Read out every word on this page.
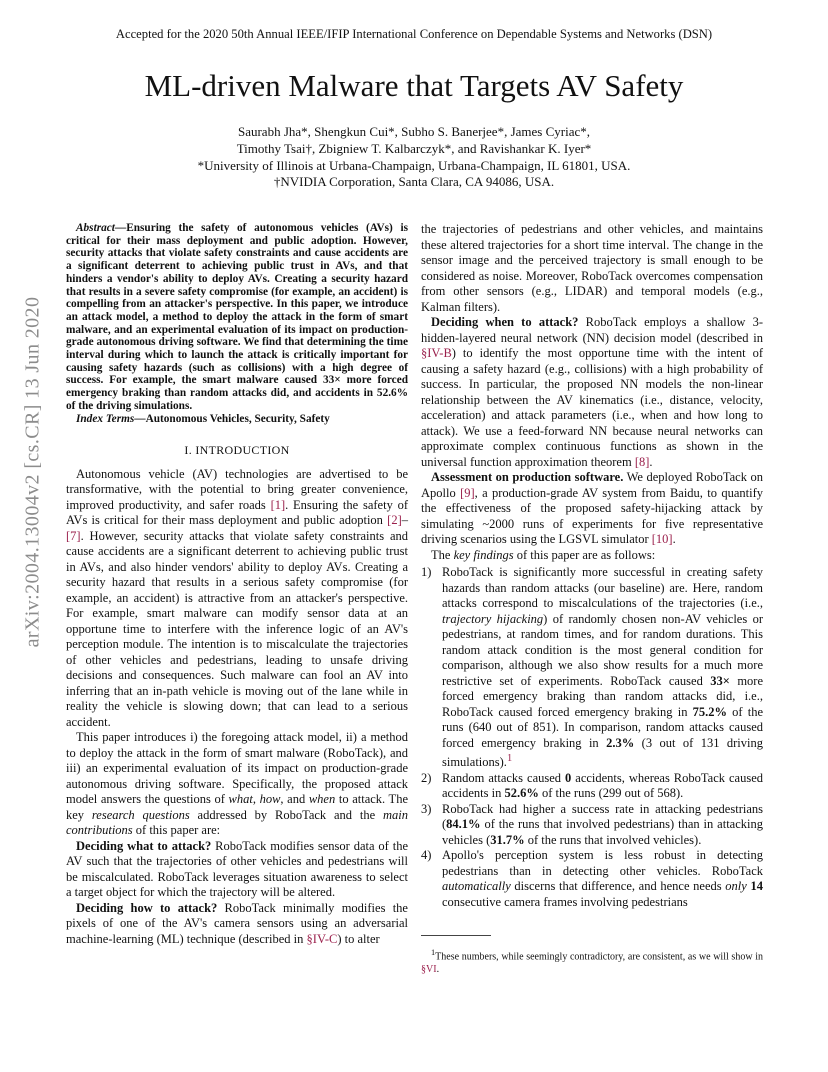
Accepted for the 2020 50th Annual IEEE/IFIP International Conference on Dependable Systems and Networks (DSN)
arXiv:2004.13004v2 [cs.CR] 13 Jun 2020
ML-driven Malware that Targets AV Safety
Saurabh Jha*, Shengkun Cui*, Subho S. Banerjee*, James Cyriac*,
Timothy Tsai†, Zbigniew T. Kalbarczyk*, and Ravishankar K. Iyer*
*University of Illinois at Urbana-Champaign, Urbana-Champaign, IL 61801, USA.
†NVIDIA Corporation, Santa Clara, CA 94086, USA.

Abstract—Ensuring the safety of autonomous vehicles (AVs) is critical for their mass deployment and public adoption. However, security attacks that violate safety constraints and cause accidents are a significant deterrent to achieving public trust in AVs, and that hinders a vendor's ability to deploy AVs. Creating a security hazard that results in a severe safety compromise (for example, an accident) is compelling from an attacker's perspective. In this paper, we introduce an attack model, a method to deploy the attack in the form of smart malware, and an experimental evaluation of its impact on production-grade autonomous driving software. We find that determining the time interval during which to launch the attack is critically important for causing safety hazards (such as collisions) with a high degree of success. For example, the smart malware caused 33× more forced emergency braking than random attacks did, and accidents in 52.6% of the driving simulations.

Index Terms—Autonomous Vehicles, Security, Safety

I. INTRODUCTION

Autonomous vehicle (AV) technologies are advertised to be transformative, with the potential to bring greater convenience, improved productivity, and safer roads [1]. Ensuring the safety of AVs is critical for their mass deployment and public adoption [2]–[7]. However, security attacks that violate safety constraints and cause accidents are a significant deterrent to achieving public trust in AVs, and also hinder vendors' ability to deploy AVs. Creating a security hazard that results in a serious safety compromise (for example, an accident) is attractive from an attacker's perspective. For example, smart malware can modify sensor data at an opportune time to interfere with the inference logic of an AV's perception module. The intention is to miscalculate the trajectories of other vehicles and pedestrians, leading to unsafe driving decisions and consequences. Such malware can fool an AV into inferring that an in-path vehicle is moving out of the lane while in reality the vehicle is slowing down; that can lead to a serious accident.

This paper introduces i) the foregoing attack model, ii) a method to deploy the attack in the form of smart malware (RoboTack), and iii) an experimental evaluation of its impact on production-grade autonomous driving software. Specifically, the proposed attack model answers the questions of what, how, and when to attack. The key research questions addressed by RoboTack and the main contributions of this paper are:

Deciding what to attack? RoboTack modifies sensor data of the AV such that the trajectories of other vehicles and pedestrians will be miscalculated. RoboTack leverages situation awareness to select a target object for which the trajectory will be altered.

Deciding how to attack? RoboTack minimally modifies the pixels of one of the AV's camera sensors using an adversarial machine-learning (ML) technique (described in §IV-C) to alter

the trajectories of pedestrians and other vehicles, and maintains these altered trajectories for a short time interval. The change in the sensor image and the perceived trajectory is small enough to be considered as noise. Moreover, RoboTack overcomes compensation from other sensors (e.g., LIDAR) and temporal models (e.g., Kalman filters).

Deciding when to attack? RoboTack employs a shallow 3-hidden-layered neural network (NN) decision model (described in §IV-B) to identify the most opportune time with the intent of causing a safety hazard (e.g., collisions) with a high probability of success. In particular, the proposed NN models the non-linear relationship between the AV kinematics (i.e., distance, velocity, acceleration) and attack parameters (i.e., when and how long to attack). We use a feed-forward NN because neural networks can approximate complex continuous functions as shown in the universal function approximation theorem [8].

Assessment on production software. We deployed RoboTack on Apollo [9], a production-grade AV system from Baidu, to quantify the effectiveness of the proposed safety-hijacking attack by simulating ~2000 runs of experiments for five representative driving scenarios using the LGSVL simulator [10].

The key findings of this paper are as follows:

1) RoboTack is significantly more successful in creating safety hazards than random attacks (our baseline) are. Here, random attacks correspond to miscalculations of the trajectories (i.e., trajectory hijacking) of randomly chosen non-AV vehicles or pedestrians, at random times, and for random durations. This random attack condition is the most general condition for comparison, although we also show results for a much more restrictive set of experiments. RoboTack caused 33× more forced emergency braking than random attacks did, i.e., RoboTack caused forced emergency braking in 75.2% of the runs (640 out of 851). In comparison, random attacks caused forced emergency braking in 2.3% (3 out of 131 driving simulations).$^1$
2) Random attacks caused 0 accidents, whereas RoboTack caused accidents in 52.6% of the runs (299 out of 568).
3) RoboTack had higher a success rate in attacking pedestrians (84.1% of the runs that involved pedestrians) than in attacking vehicles (31.7% of the runs that involved vehicles).
4) Apollo's perception system is less robust in detecting pedestrians than in detecting other vehicles. RoboTack automatically discerns that difference, and hence needs only 14 consecutive camera frames involving pedestrians
$^1$These numbers, while seemingly contradictory, are consistent, as we will show in §VI.
